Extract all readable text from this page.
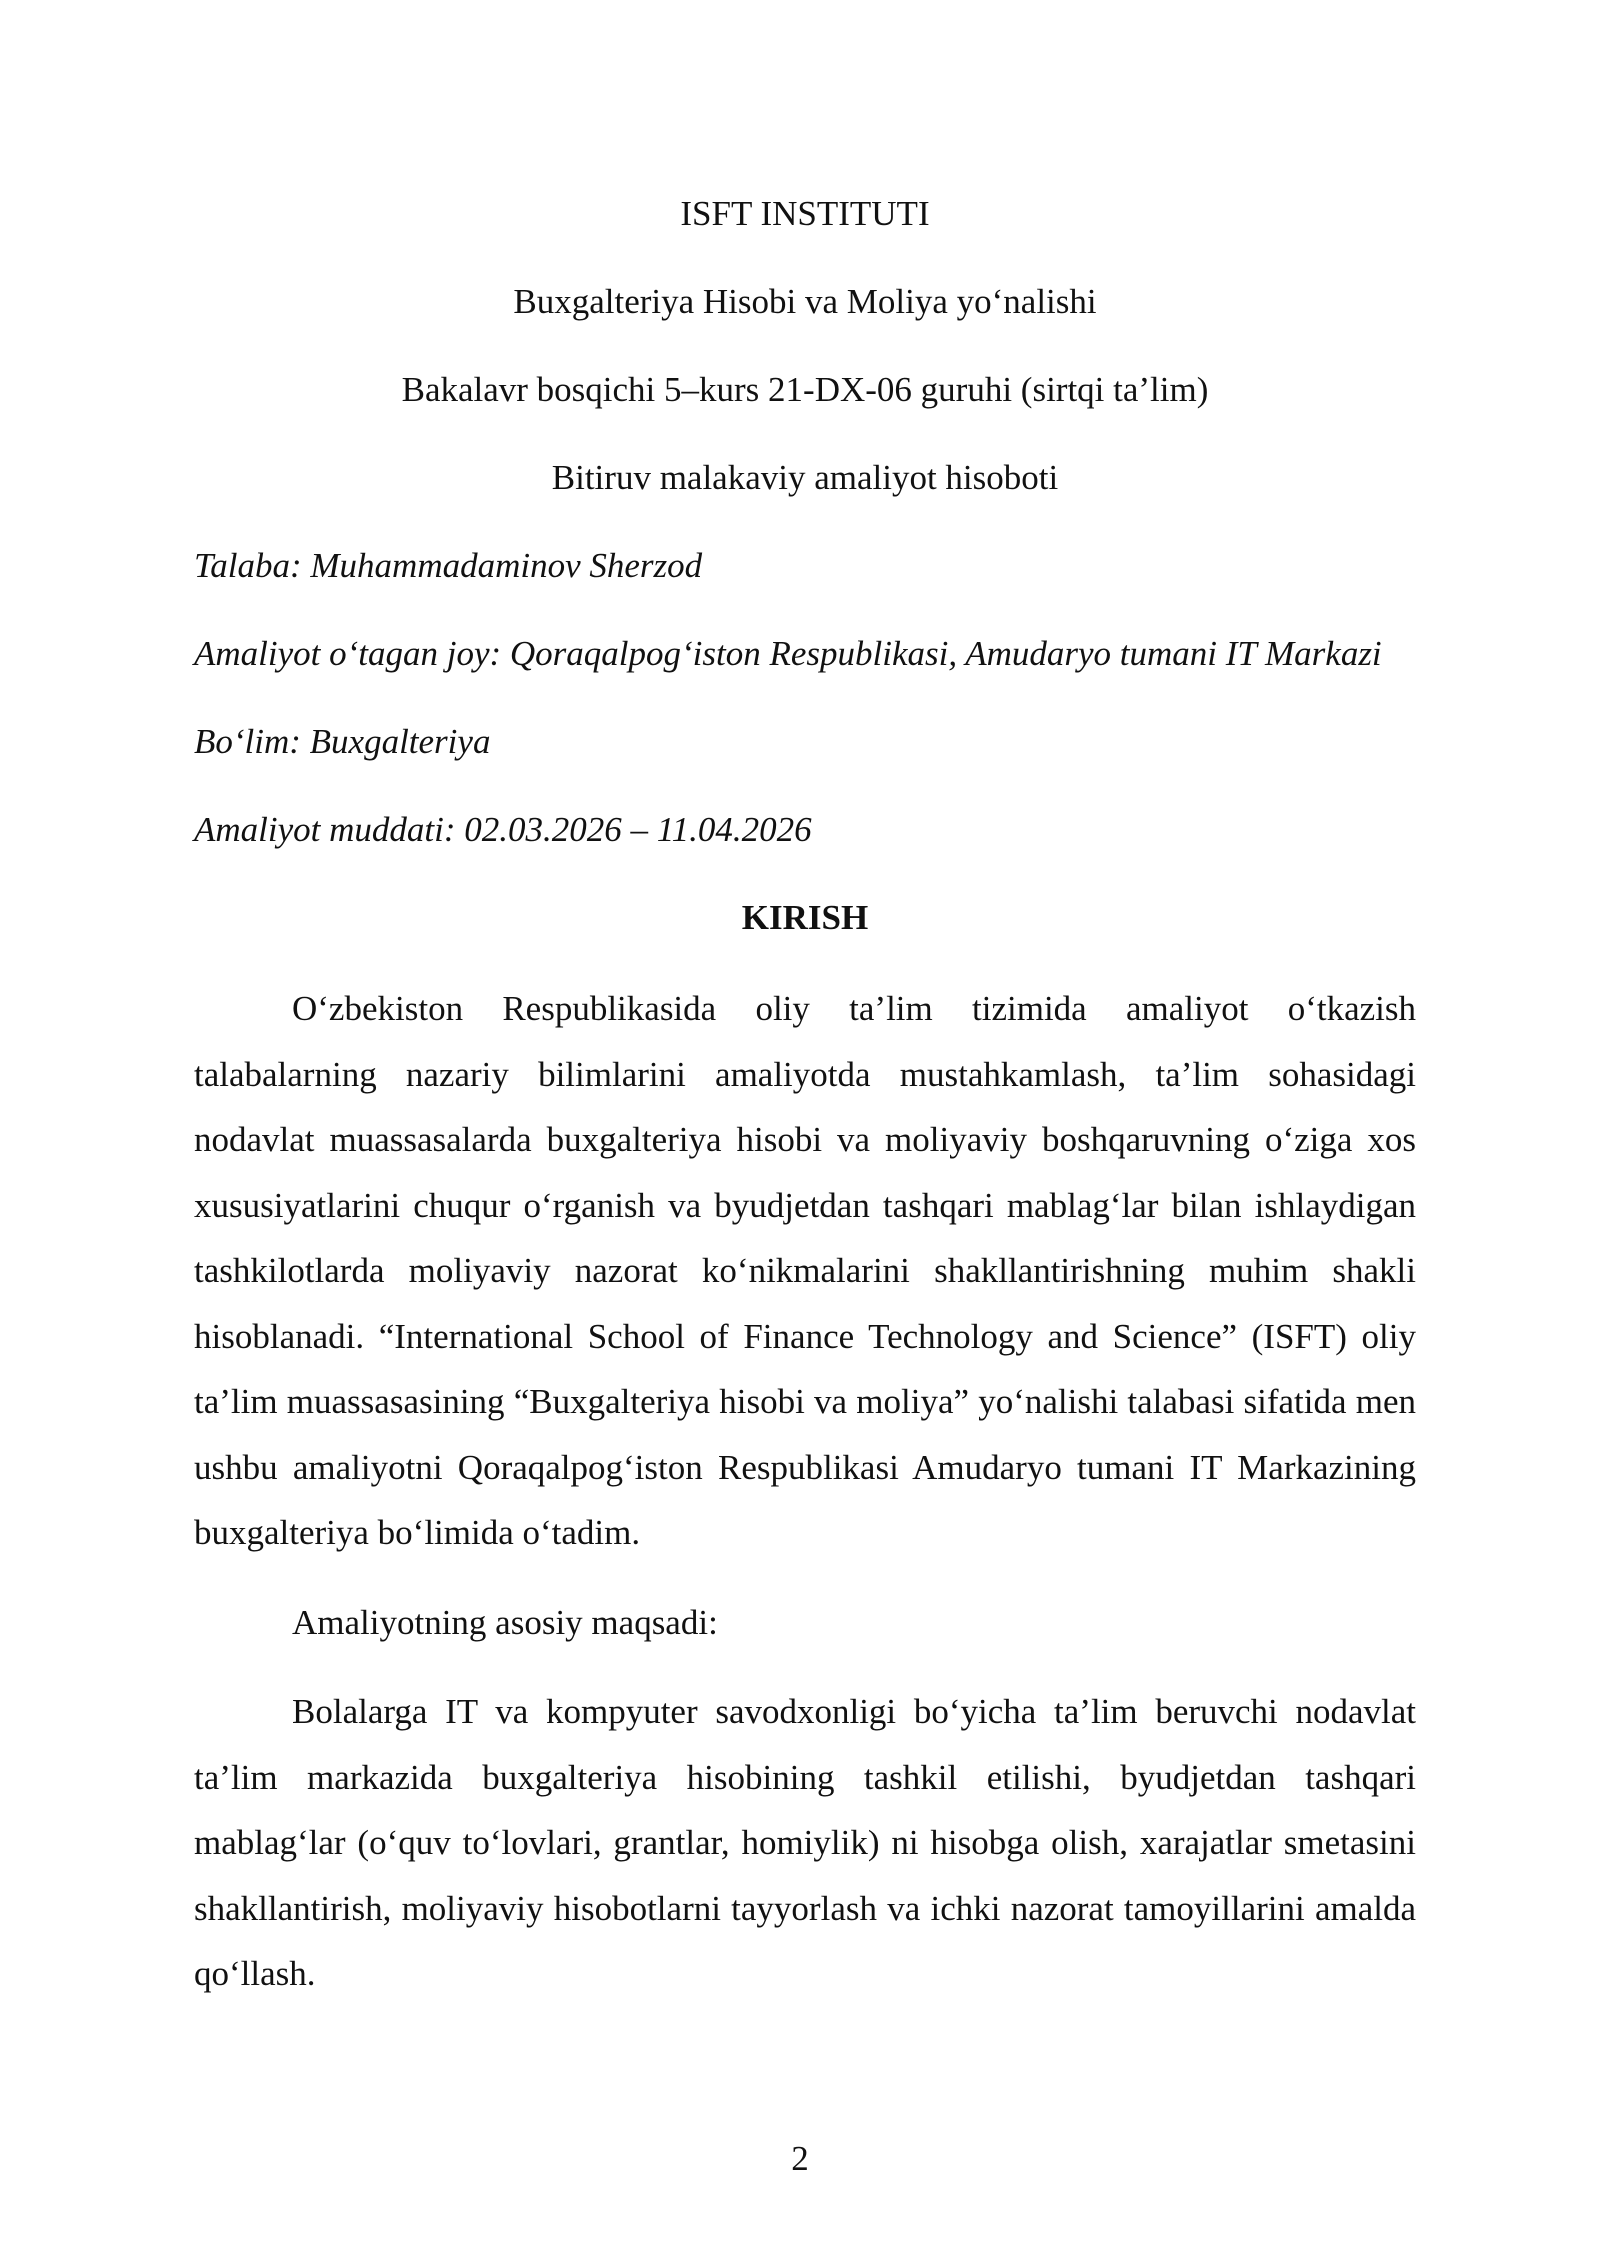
ISFT INSTITUTI

Buxgalteriya Hisobi va Moliya yo‘nalishi

Bakalavr bosqichi 5–kurs 21-DX-06 guruhi (sirtqi ta’lim)

Bitiruv malakaviy amaliyot hisoboti

Talaba: Muhammadaminov Sherzod

Amaliyot o‘tagan joy: Qoraqalpog‘iston Respublikasi, Amudaryo tumani IT Markazi

Bo‘lim: Buxgalteriya

Amaliyot muddati: 02.03.2026 – 11.04.2026

KIRISH

O‘zbekiston Respublikasida oliy ta’lim tizimida amaliyot o‘tkazish talabalarning nazariy bilimlarini amaliyotda mustahkamlash, ta’lim sohasidagi nodavlat muassasalarda buxgalteriya hisobi va moliyaviy boshqaruvning o‘ziga xos xususiyatlarini chuqur o‘rganish va byudjetdan tashqari mablag‘lar bilan ishlaydigan tashkilotlarda moliyaviy nazorat ko‘nikmalarini shakllantirishning muhim shakli hisoblanadi. “International School of Finance Technology and Science” (ISFT) oliy ta’lim muassasasining “Buxgalteriya hisobi va moliya” yo‘nalishi talabasi sifatida men ushbu amaliyotni Qoraqalpog‘iston Respublikasi Amudaryo tumani IT Markazining buxgalteriya bo‘limida o‘tadim.

Amaliyotning asosiy maqsadi:

Bolalarga IT va kompyuter savodxonligi bo‘yicha ta’lim beruvchi nodavlat ta’lim markazida buxgalteriya hisobining tashkil etilishi, byudjetdan tashqari mablag‘lar (o‘quv to‘lovlari, grantlar, homiylik) ni hisobga olish, xarajatlar smetasini shakllantirish, moliyaviy hisobotlarni tayyorlash va ichki nazorat tamoyillarini amalda qo‘llash.

2
